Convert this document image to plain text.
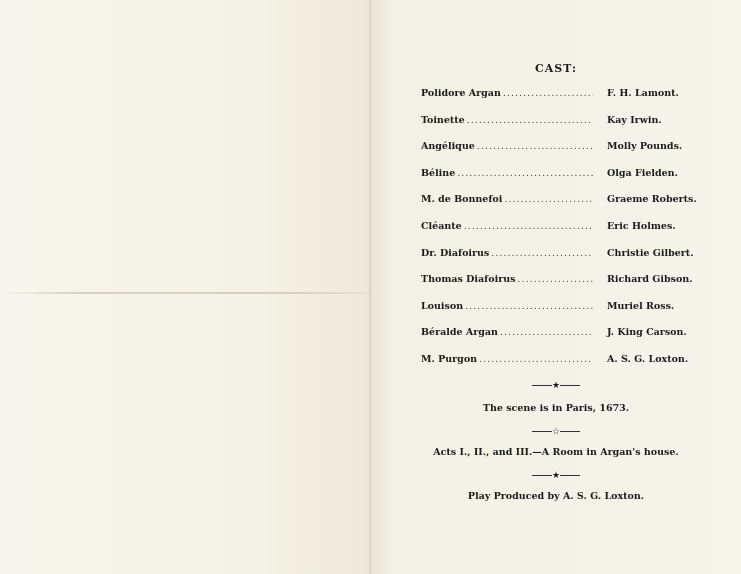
CAST:
Polidore Argan . . .	F. H. Lamont.
Toinette . . .	Kay Irwin.
Angélique . . .	Molly Pounds.
Béline . . .	Olga Fielden.
M. de Bonnefoi . . .	Graeme Roberts.
Cléante . . .	Eric Holmes.
Dr. Diafoirus . . .	Christie Gilbert.
Thomas Diafoirus . . .	Richard Gibson.
Louison . . .	Muriel Ross.
Béralde Argan . . .	J. King Carson.
M. Purgon . . .	A. S. G. Loxton.
★
The scene is in Paris, 1673.
☆
Acts I., II., and III.—A Room in Argan's house.
★
Play Produced by A. S. G. Loxton.
